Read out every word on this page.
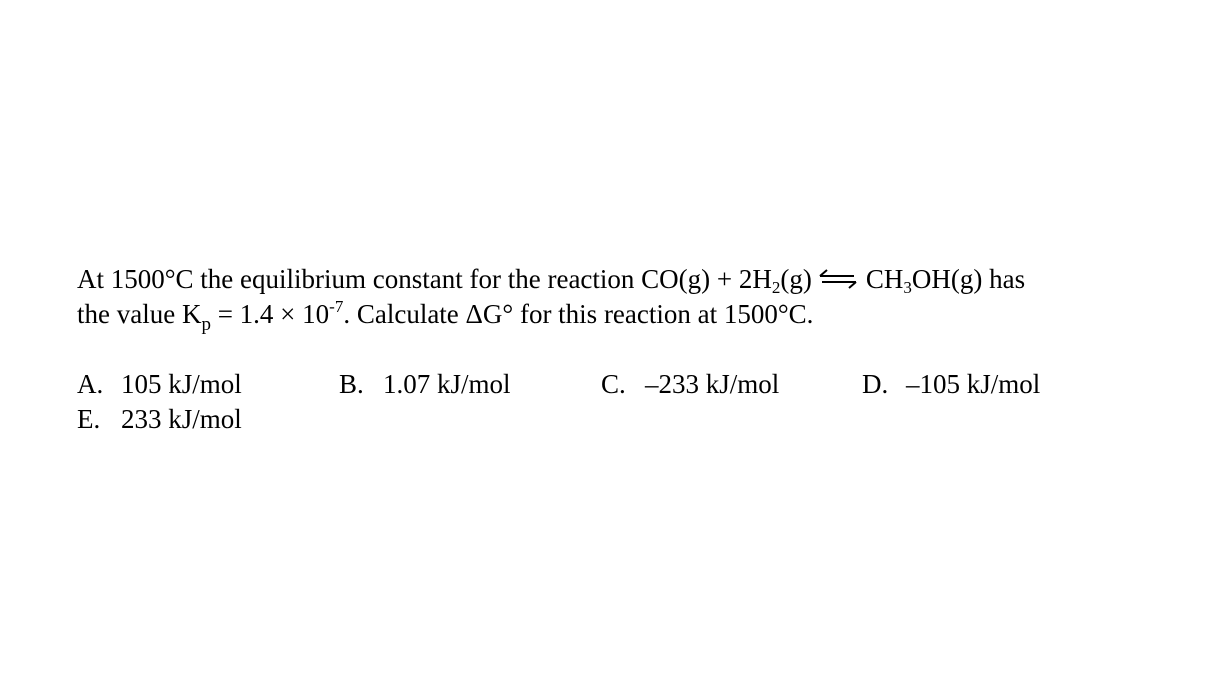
At 1500°C the equilibrium constant for the reaction $CO(g) + 2H_2(g)$ ⇌ $CH_3OH(g)$ has
the value $K_p = 1.4 \times 10^{-7}$. Calculate ΔG° for this reaction at 1500°C.
A. 105 kJ/mol	B. 1.07 kJ/mol	C. –233 kJ/mol	D. –105 kJ/mol
E. 233 kJ/mol
